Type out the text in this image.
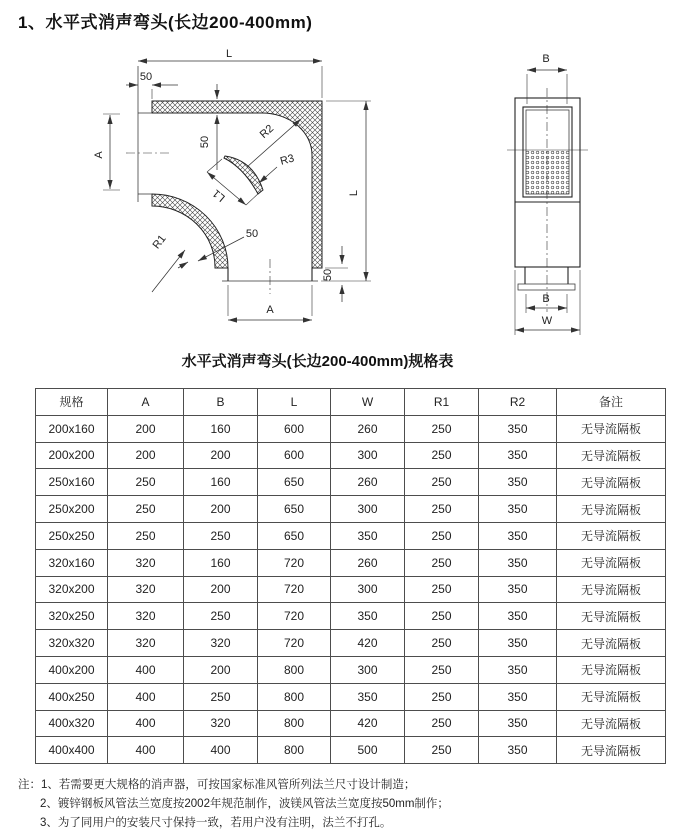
1、水平式消声弯头(长边200-400mm)
L
50
A
50
R2
R3
L1
R1	50
L
50
A
B
B
W
水平式消声弯头(长边200-400mm)规格表
规格	A	B	L	W	R1	R2	备注
200x160	200	160	600	260	250	350	无导流隔板
200x200	200	200	600	300	250	350	无导流隔板
250x160	250	160	650	260	250	350	无导流隔板
250x200	250	200	650	300	250	350	无导流隔板
250x250	250	250	650	350	250	350	无导流隔板
320x160	320	160	720	260	250	350	无导流隔板
320x200	320	200	720	300	250	350	无导流隔板
320x250	320	250	720	350	250	350	无导流隔板
320x320	320	320	720	420	250	350	无导流隔板
400x200	400	200	800	300	250	350	无导流隔板
400x250	400	250	800	350	250	350	无导流隔板
400x320	400	320	800	420	250	350	无导流隔板
400x400	400	400	800	500	250	350	无导流隔板
注：1、若需要更大规格的消声器，可按国家标准风管所列法兰尺寸设计制造；
2、镀锌钢板风管法兰宽度按2002年规范制作，波镁风管法兰宽度按50mm制作；
3、为了同用户的安装尺寸保持一致，若用户没有注明，法兰不打孔。
